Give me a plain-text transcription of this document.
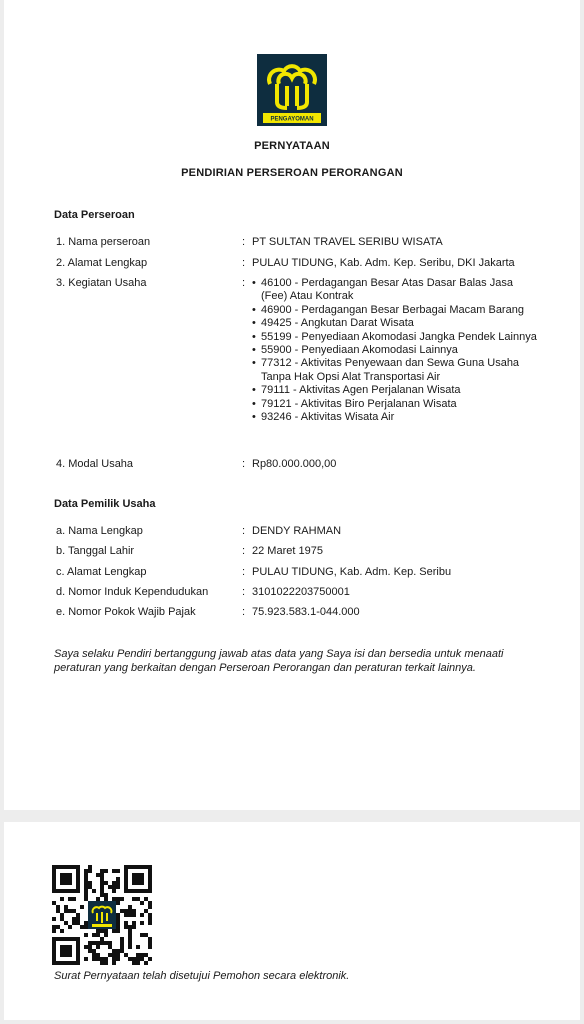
PENGAYOMAN
PERNYATAAN
PENDIRIAN PERSEROAN PERORANGAN
Data Perseroan
1. Nama perseroan	: PT SULTAN TRAVEL SERIBU WISATA
2. Alamat Lengkap	: PULAU TIDUNG, Kab. Adm. Kep. Seribu, DKI Jakarta
3. Kegiatan Usaha	:
•	46100 - Perdagangan Besar Atas Dasar Balas Jasa (Fee) Atau Kontrak
• 46900 - Perdagangan Besar Berbagai Macam Barang
• 49425 - Angkutan Darat Wisata
• 55199 - Penyediaan Akomodasi Jangka Pendek Lainnya
• 55900 - Penyediaan Akomodasi Lainnya
• 77312 - Aktivitas Penyewaan dan Sewa Guna Usaha Tanpa Hak Opsi Alat Transportasi Air
• 79111 - Aktivitas Agen Perjalanan Wisata
• 79121 - Aktivitas Biro Perjalanan Wisata
• 93246 - Aktivitas Wisata Air
4. Modal Usaha	: Rp80.000.000,00
Data Pemilik Usaha
a. Nama Lengkap	: DENDY RAHMAN
b. Tanggal Lahir	: 22 Maret 1975
c. Alamat Lengkap	: PULAU TIDUNG, Kab. Adm. Kep. Seribu
d. Nomor Induk Kependudukan	: 3101022203750001
e. Nomor Pokok Wajib Pajak	: 75.923.583.1-044.000
Saya selaku Pendiri bertanggung jawab atas data yang Saya isi dan bersedia untuk menaati peraturan yang berkaitan dengan Perseroan Perorangan dan peraturan terkait lainnya.
Surat Pernyataan telah disetujui Pemohon secara elektronik.
